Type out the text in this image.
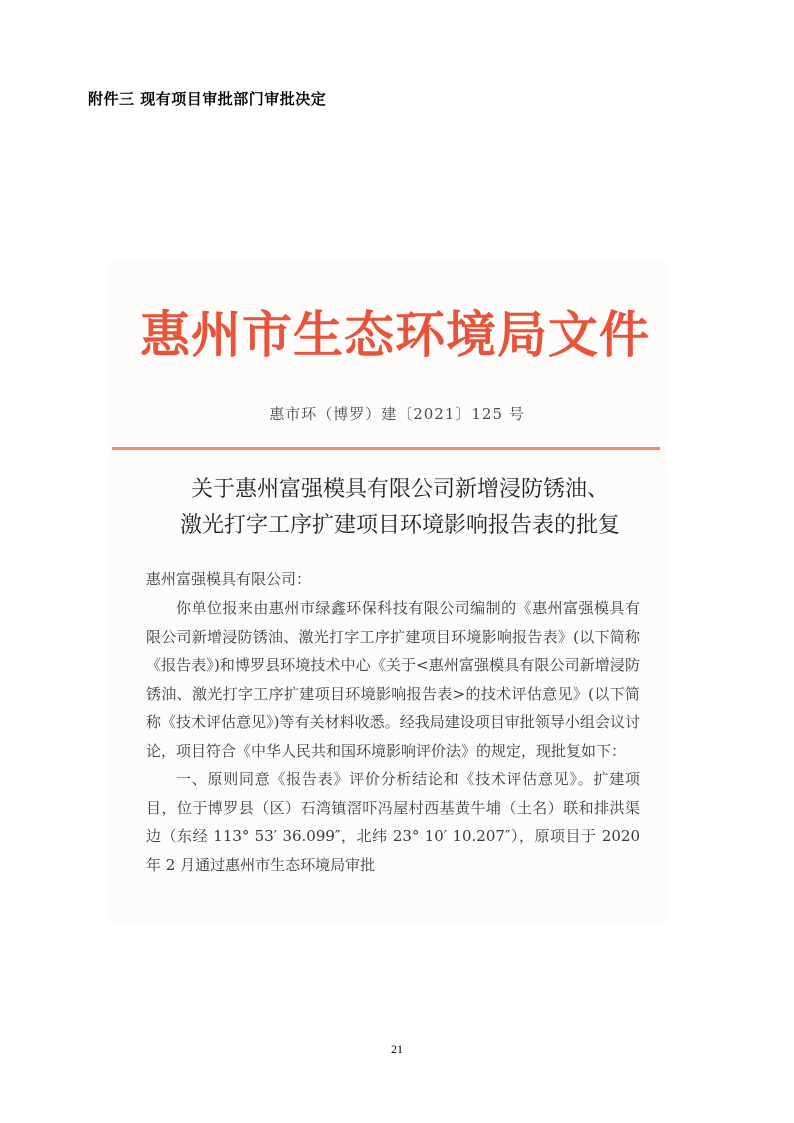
附件三 现有项目审批部门审批决定
惠州市生态环境局文件
惠市环（博罗）建〔2021〕125 号
关于惠州富强模具有限公司新增浸防锈油、
激光打字工序扩建项目环境影响报告表的批复
惠州富强模具有限公司：

你单位报来由惠州市绿鑫环保科技有限公司编制的《惠州富强模具有限公司新增浸防锈油、激光打字工序扩建项目环境影响报告表》(以下简称《报告表》)和博罗县环境技术中心《关于<惠州富强模具有限公司新增浸防锈油、激光打字工序扩建项目环境影响报告表>的技术评估意见》(以下简称《技术评估意见》)等有关材料收悉。经我局建设项目审批领导小组会议讨论，项目符合《中华人民共和国环境影响评价法》的规定，现批复如下：

一、原则同意《报告表》评价分析结论和《技术评估意见》。扩建项目，位于博罗县（区）石湾镇滘吓冯屋村西基黄牛埔（土名）联和排洪渠边（东经 113° 53′ 36.099″，北纬 23° 10′ 10.207″），原项目于 2020 年 2 月通过惠州市生态环境局审批

21
